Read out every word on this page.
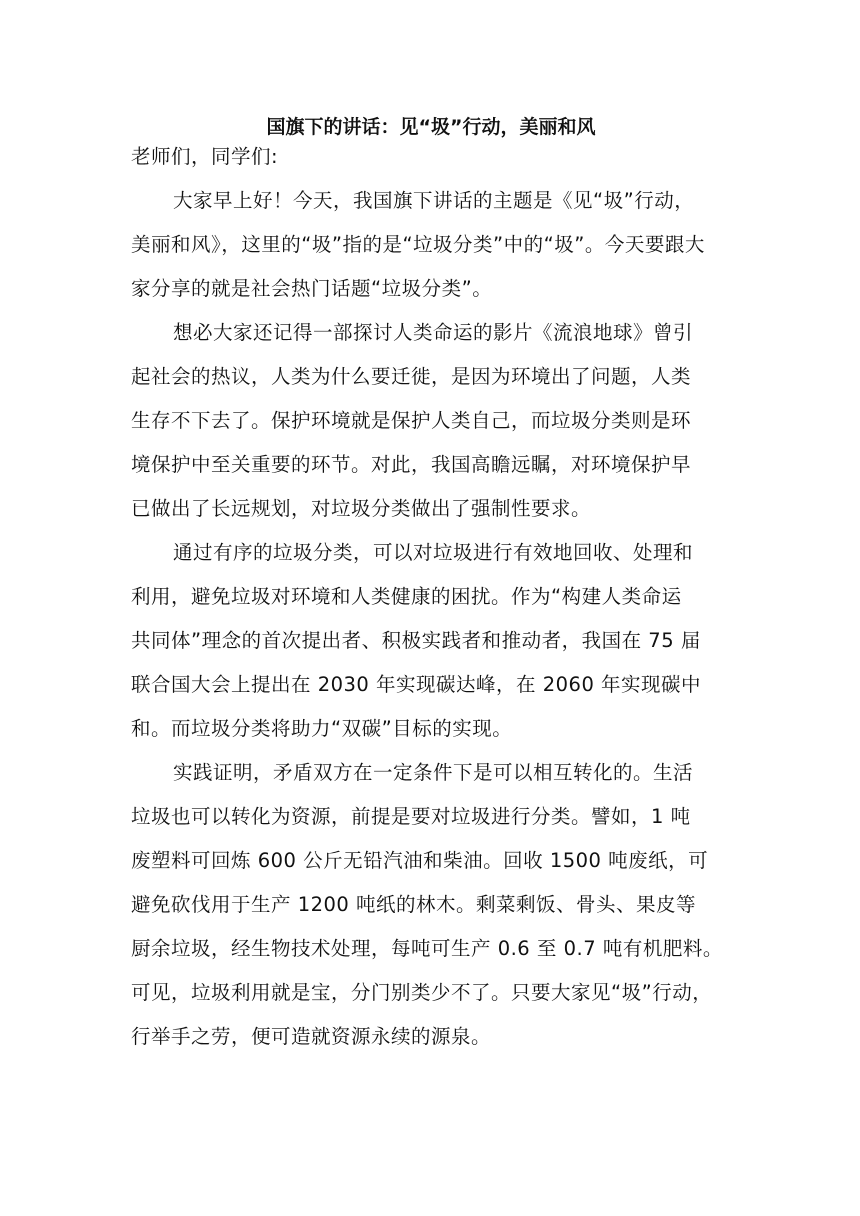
国旗下的讲话：见“圾”行动，美丽和风
老师们，同学们:
大家早上好！今天，我国旗下讲话的主题是《见“圾”行动，
美丽和风》，这里的“圾”指的是“垃圾分类”中的“圾”。今天要跟大
家分享的就是社会热门话题“垃圾分类”。
想必大家还记得一部探讨人类命运的影片《流浪地球》曾引
起社会的热议，人类为什么要迁徙，是因为环境出了问题，人类
生存不下去了。保护环境就是保护人类自己，而垃圾分类则是环
境保护中至关重要的环节。对此，我国高瞻远瞩，对环境保护早
已做出了长远规划，对垃圾分类做出了强制性要求。
通过有序的垃圾分类，可以对垃圾进行有效地回收、处理和
利用，避免垃圾对环境和人类健康的困扰。作为“构建人类命运
共同体”理念的首次提出者、积极实践者和推动者，我国在 75 届
联合国大会上提出在 2030 年实现碳达峰，在 2060 年实现碳中
和。而垃圾分类将助力“双碳”目标的实现。
实践证明，矛盾双方在一定条件下是可以相互转化的。生活
垃圾也可以转化为资源，前提是要对垃圾进行分类。譬如，1 吨
废塑料可回炼 600 公斤无铅汽油和柴油。回收 1500 吨废纸，可
避免砍伐用于生产 1200 吨纸的林木。剩菜剩饭、骨头、果皮等
厨余垃圾，经生物技术处理，每吨可生产 0.6 至 0.7 吨有机肥料。
可见，垃圾利用就是宝，分门别类少不了。只要大家见“圾”行动，
行举手之劳，便可造就资源永续的源泉。
